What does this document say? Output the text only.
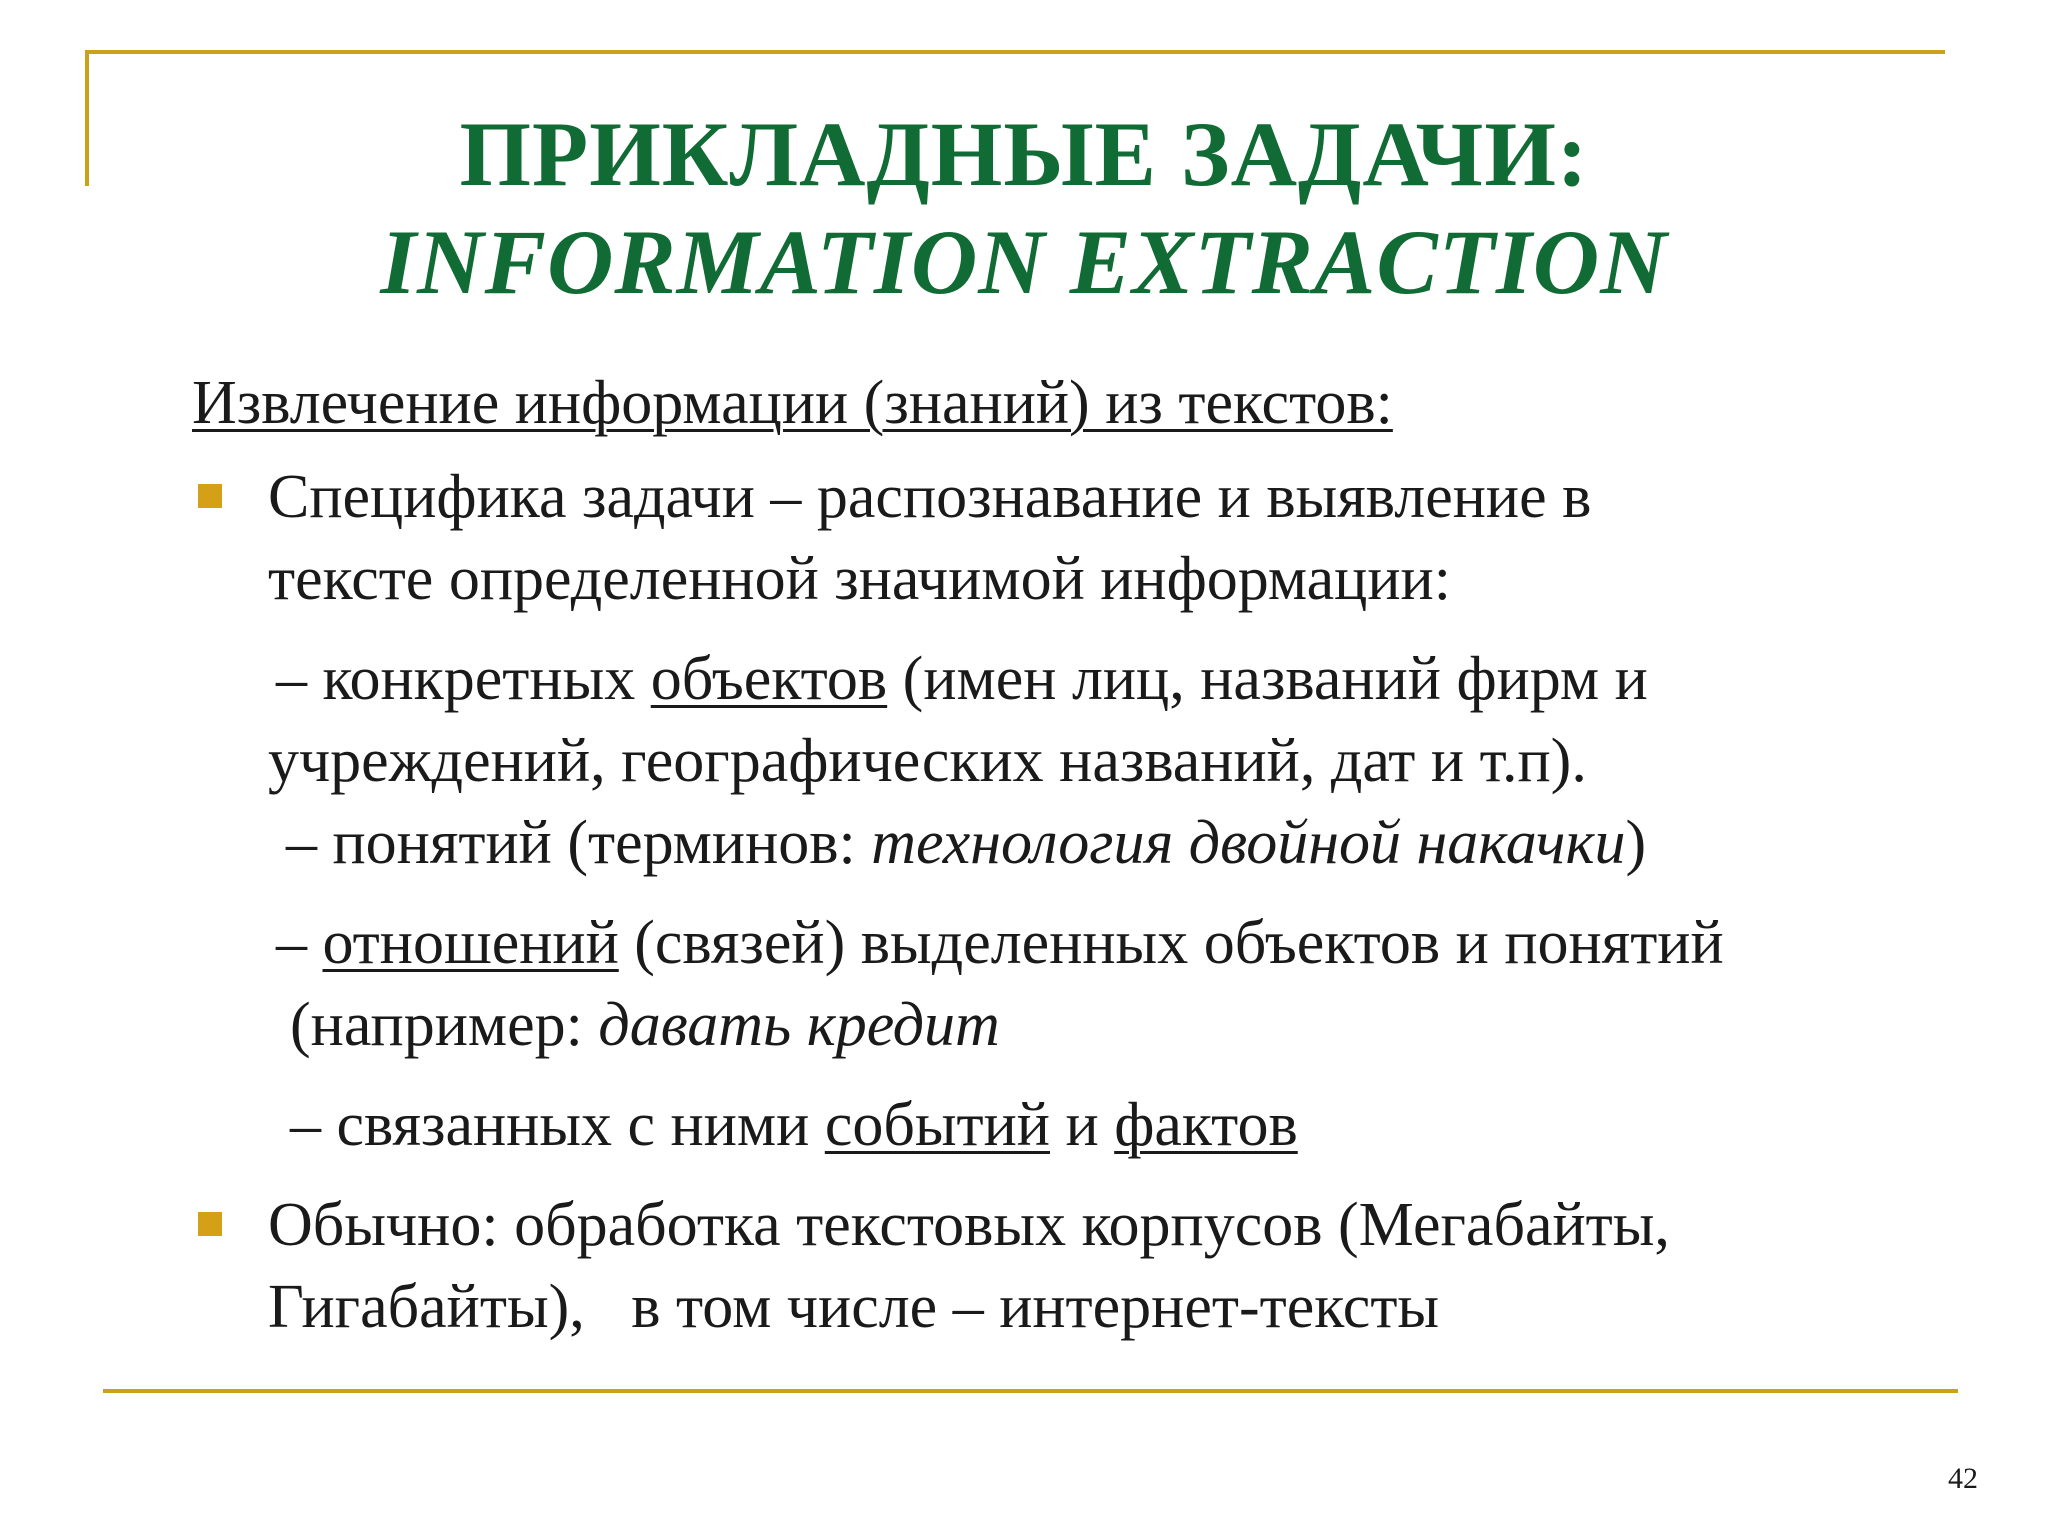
ПРИКЛАДНЫЕ ЗАДАЧИ:
INFORMATION EXTRACTION
Извлечение информации (знаний) из текстов:
Специфика задачи – распознавание и выявление в
тексте определенной значимой информации:
– конкретных объектов (имен лиц, названий фирм и
учреждений, географических названий, дат и т.п).
– понятий (терминов: технология двойной накачки)
– отношений (связей) выделенных объектов и понятий
(например: давать кредит
– связанных с ними событий и фактов
Обычно: обработка текстовых корпусов (Мегабайты,
Гигабайты),   в том числе – интернет-тексты
42
